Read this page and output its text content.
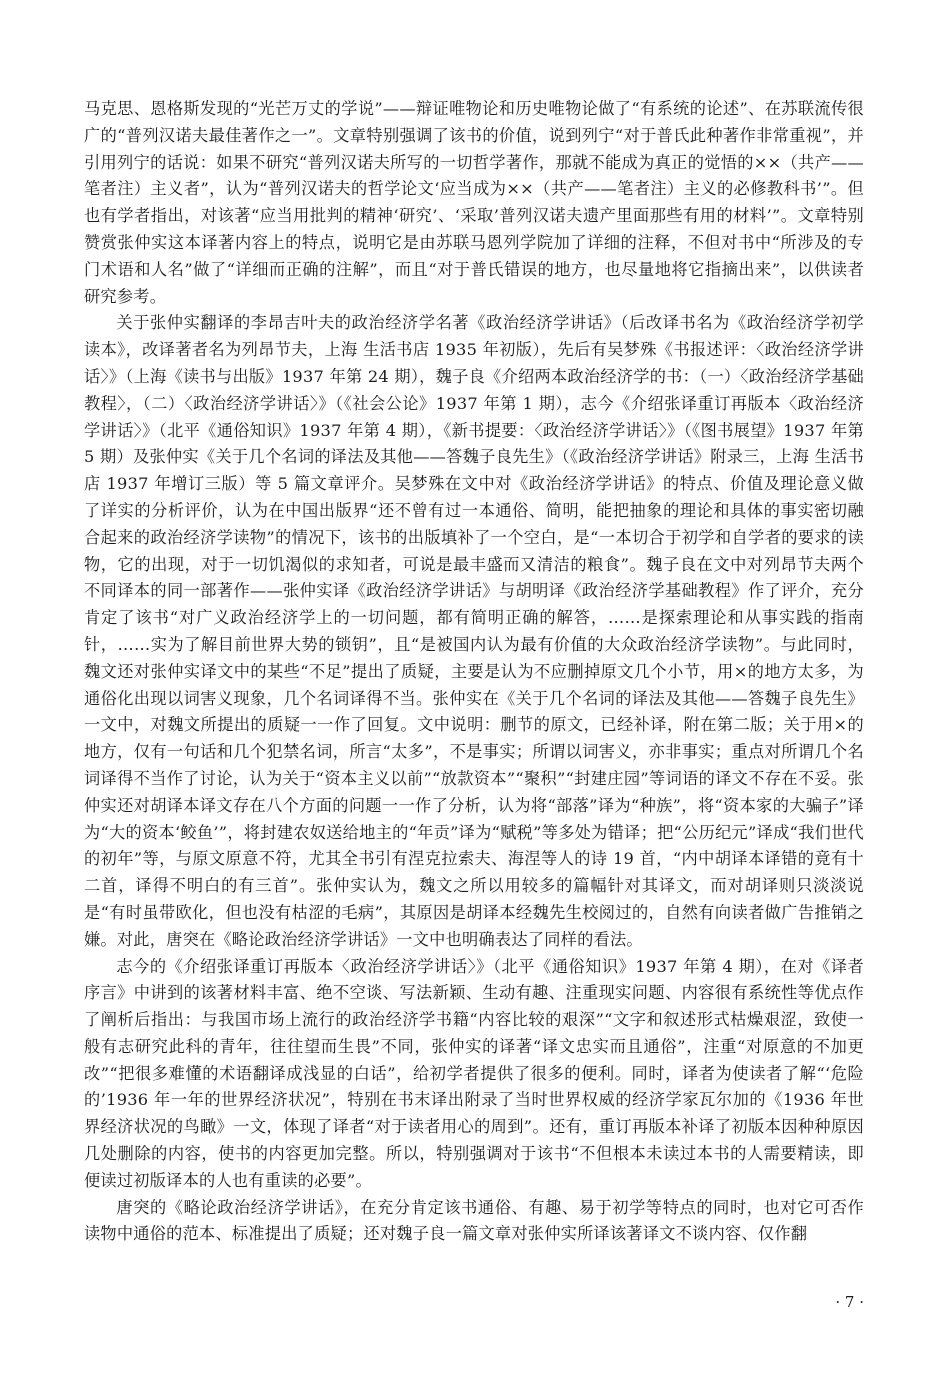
马克思、恩格斯发现的“光芒万丈的学说”——辩证唯物论和历史唯物论做了“有系统的论述”、在苏联流传很广的“普列汉诺夫最佳著作之一”。文章特别强调了该书的价值，说到列宁“对于普氏此种著作非常重视”，并引用列宁的话说：如果不研究“普列汉诺夫所写的一切哲学著作，那就不能成为真正的觉悟的××（共产——笔者注）主义者”，认为“普列汉诺夫的哲学论文‘应当成为××（共产——笔者注）主义的必修教科书’”。但也有学者指出，对该著“应当用批判的精神‘研究’、‘采取’普列汉诺夫遗产里面那些有用的材料’”。文章特别赞赏张仲实这本译著内容上的特点，说明它是由苏联马恩列学院加了详细的注释，不但对书中“所涉及的专门术语和人名”做了“详细而正确的注解”，而且“对于普氏错误的地方，也尽量地将它指摘出来”，以供读者研究参考。

关于张仲实翻译的李昂吉叶夫的政治经济学名著《政治经济学讲话》（后改译书名为《政治经济学初学读本》，改译著者名为列昂节夫，上海 生活书店 1935 年初版），先后有吴梦殊《书报述评：〈政治经济学讲话〉》（上海《读书与出版》1937 年第 24 期），魏子良《介绍两本政治经济学的书：（一）〈政治经济学基础教程〉，（二）〈政治经济学讲话〉》（《社会公论》1937 年第 1 期），志今《介绍张译重订再版本〈政治经济学讲话〉》（北平《通俗知识》1937 年第 4 期），《新书提要：〈政治经济学讲话〉》（《图书展望》1937 年第 5 期）及张仲实《关于几个名词的译法及其他——答魏子良先生》（《政治经济学讲话》附录三，上海 生活书店 1937 年增订三版）等 5 篇文章评介。吴梦殊在文中对《政治经济学讲话》的特点、价值及理论意义做了详实的分析评价，认为在中国出版界“还不曾有过一本通俗、简明，能把抽象的理论和具体的事实密切融合起来的政治经济学读物”的情况下，该书的出版填补了一个空白，是“一本切合于初学和自学者的要求的读物，它的出现，对于一切饥渴似的求知者，可说是最丰盛而又清洁的粮食”。魏子良在文中对列昂节夫两个不同译本的同一部著作——张仲实译《政治经济学讲话》与胡明译《政治经济学基础教程》作了评介，充分肯定了该书“对广义政治经济学上的一切问题，都有简明正确的解答，……是探索理论和从事实践的指南针，……实为了解目前世界大势的锁钥”，且“是被国内认为最有价值的大众政治经济学读物”。与此同时，魏文还对张仲实译文中的某些“不足”提出了质疑，主要是认为不应删掉原文几个小节，用×的地方太多，为通俗化出现以词害义现象，几个名词译得不当。张仲实在《关于几个名词的译法及其他——答魏子良先生》一文中，对魏文所提出的质疑一一作了回复。文中说明：删节的原文，已经补译，附在第二版；关于用×的地方，仅有一句话和几个犯禁名词，所言“太多”，不是事实；所谓以词害义，亦非事实；重点对所谓几个名词译得不当作了讨论，认为关于“资本主义以前”“放款资本”“聚积”“封建庄园”等词语的译文不存在不妥。张仲实还对胡译本译文存在八个方面的问题一一作了分析，认为将“部落”译为“种族”，将“资本家的大骗子”译为“大的资本‘鲛鱼’”，将封建农奴送给地主的“年贡”译为“赋税”等多处为错译；把“公历纪元”译成“我们世代的初年”等，与原文原意不符，尤其全书引有涅克拉索夫、海涅等人的诗 19 首，“内中胡译本译错的竟有十二首，译得不明白的有三首”。张仲实认为，魏文之所以用较多的篇幅针对其译文，而对胡译则只淡淡说是“有时虽带欧化，但也没有枯涩的毛病”，其原因是胡译本经魏先生校阅过的，自然有向读者做广告推销之嫌。对此，唐突在《略论政治经济学讲话》一文中也明确表达了同样的看法。

志今的《介绍张译重订再版本〈政治经济学讲话〉》（北平《通俗知识》1937 年第 4 期），在对《译者序言》中讲到的该著材料丰富、绝不空谈、写法新颖、生动有趣、注重现实问题、内容很有系统性等优点作了阐析后指出：与我国市场上流行的政治经济学书籍“内容比较的艰深”“文字和叙述形式枯燥艰涩，致使一般有志研究此科的青年，往往望而生畏”不同，张仲实的译著“译文忠实而且通俗”，注重“对原意的不加更改”“把很多难懂的术语翻译成浅显的白话”，给初学者提供了很多的便利。同时，译者为使读者了解“‘危险的’1936 年一年的世界经济状况”，特别在书末译出附录了当时世界权威的经济学家瓦尔加的《1936 年世界经济状况的鸟瞰》一文，体现了译者“对于读者用心的周到”。还有，重订再版本补译了初版本因种种原因几处删除的内容，使书的内容更加完整。所以，特别强调对于该书“不但根本未读过本书的人需要精读，即便读过初版译本的人也有重读的必要”。

唐突的《略论政治经济学讲话》，在充分肯定该书通俗、有趣、易于初学等特点的同时，也对它可否作读物中通俗的范本、标准提出了质疑；还对魏子良一篇文章对张仲实所译该著译文不谈内容、仅作翻

· 7 ·
